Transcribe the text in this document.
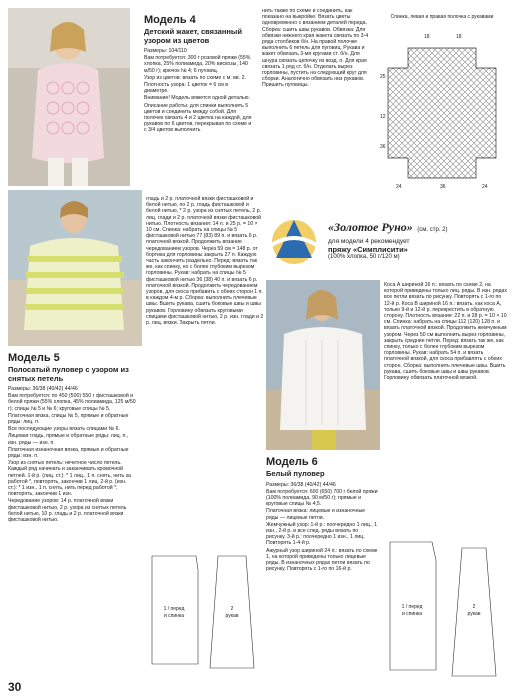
Модель 4
Детский жакет, связанный узором из цветов

Размеры: 104/110

Вам потребуется: 300 г розовой пряжи (55% хлопка, 25% полиамида, 20% вискозы, 140 м/50 г); крючок № 4; 6 пуговиц.

Узор из цветов: вязать по схеме с м. вв. 2.

Плотность узора: 1 цветок = 6 см в диаметре.

Внимание! Модель вяжется одной деталью.

Описание работы: для спинки выполнить 5 цветов и соединить между собой. Для полочек связать 4 и 2 цветка на каждой, для рукавов по 6 цветов, перекрывая по схеме и с 3/4 цветов выполнить

нить также по схеме и соединить, как показано на выкройке. Вязать цветы одновременно с вязанием деталей переда. Сборка: сшить швы рукавов. Обвязка: Для обвязки нижнего края жакета связать по 3-4 ряда столбиков б/н. На правой полочке выполнить 6 петель для пуговиц. Рукава и жакет обвязать 3-мя кругами ст. б/н. Для шнура связать цепочку из возд. п. Для края связать 1 ряд ст. б/н. Отделать вырез горловины, пустить на следующий круг для сборки. Аналогично обвязать низ рукавов. Пришить пуговицы.

Спинка, левая и правая полочка с рукавами
18	18
24	36	24
25
12
36
Модель 5
Полосатый пуловер с узором из снятых петель

Размеры: 36/38 (40/42) 44/46

Вам потребуется: по 450 (500) 550 г фисташковой и белой пряжи (55% хлопка, 45% полиамида, 125 м/50 г); спицы № 5 и № 6; круговые спицы № 5.

Платочная вязка, спицы № 5, прямые и обратные ряды: лиц. п.

Все последующие узоры вязать спицами № 6.

Лицевая гладь, прямые и обратные ряды: лиц. п., изн. ряды — изн. п.

Платочная изнаночная вязка, прямые и обратные ряды: изн. п.

Узор из снятых петель: нечетное число петель. Каждый ряд начинать и заканчивать кромочной петлей. 1-й р. (лиц. ст.): * 1 лиц., 1 п. снять, нить за работой *, повторять, закончив 1 лиц. 2-й р. (изн. ст.): * 1 изн., 1 п. снять, нить перед работой *, повторять, закончив 1 изн.

Чередование узоров: 14 р. платочной вязки фисташковой нитью, 2 р. узора из снятых петель белой нитью, 10 р. гладь и 2 р. платочной вязки фисташковой нитью.

гладь и 2 р. платочной вязки фисташковой и белой нитью, по 2 р. гладь фисташковой и белой нитью, * 2 р. узора из снятых петель, 2 р. лиц. глади и 2 р. платочной вязки фисташковой нитью. Плотность вязания: 14 п. и 25 р. = 10 × 10 см. Спинка: набрать на спицы № 5 фисташковой нитью 77 (83) 89 п. и вязать 6 р. платочной вязкой. Продолжить вязание чередованием узоров. Через 59 см = 148 р. от бортика для горловины закрыть 27 п. Каждую часть закончить раздельно. Перед: вязать так же, как спинку, но с более глубоким вырезом горловины. Рукав: набрать на спицы № 5 фисташковой нитью 36 (38) 40 п. и вязать 6 р. платочной вязкой. Продолжить чередованием узоров, для скоса прибавить с обеих сторон 1 п. в каждом 4-м р. Сборка: выполнить плечевые швы. Вшить рукава, сшить боковые швы и швы рукавов. Горловину обвязать круговыми спицами фисташковой нитью, 2 р. изн. глади и 2 р. лиц. вязки. Закрыть петли.

«Золотое Руно» (см. стр. 2)
для модели 4 рекомендует
пряжу «Симплисити»
(100% хлопка, 50 г/120 м)
Модель 6
Белый пуловер

Размеры: 36/38 (40/42) 44/46

Вам потребуется: 600 (650) 700 г белой пряжи (100% полиамида, 90 м/50 г); прямые и круговые спицы № 4,5.

Платочная вязка: лицевые и изнаночные ряды — лицевые петли.

Жемчужный узор: 1-й р.: поочередно 1 лиц., 1 изн., 2-й р. и все след. ряды вязать по рисунку. 3-й р.: поочередно 1 изн., 1 лиц. Повторять 1-4-й р.

Ажурный узор шириной 24 п.: вязать по схеме 1, на которой приведены только лицевые ряды. В изнаночных рядах петли вязать по рисунку. Повторять с 1-го по 16-й р.

Коса А шириной 16 п.: вязать по схеме 2, на которой приведены только лиц. ряды. В изн. рядах все петли вязать по рисунку. Повторять с 1-го по 12-й р. Коса В шириной 16 п.: вязать, как коса А, только 9-й и 12-й р. перекрестить в обратную сторону. Плотность вязания: 22 п. и 28 р. = 10 × 10 см. Спинка: набрать на спицы 112 (120) 128 п. и вязать платочной вязкой. Продолжить жемчужным узором. Через 50 см выполнить вырез горловины, закрыть средние петли. Перед: вязать так же, как спинку, только с более глубоким вырезом горловины. Рукав: набрать 54 п. и вязать платочной вязкой, для скоса прибавлять с обеих сторон. Сборка: выполнить плечевые швы. Вшить рукава, сшить боковые швы и швы рукавов. Горловину обвязать платочной вязкой.

1 / перед
и спинка
2
рукав
1 / перед
и спинка
2
рукав
30
